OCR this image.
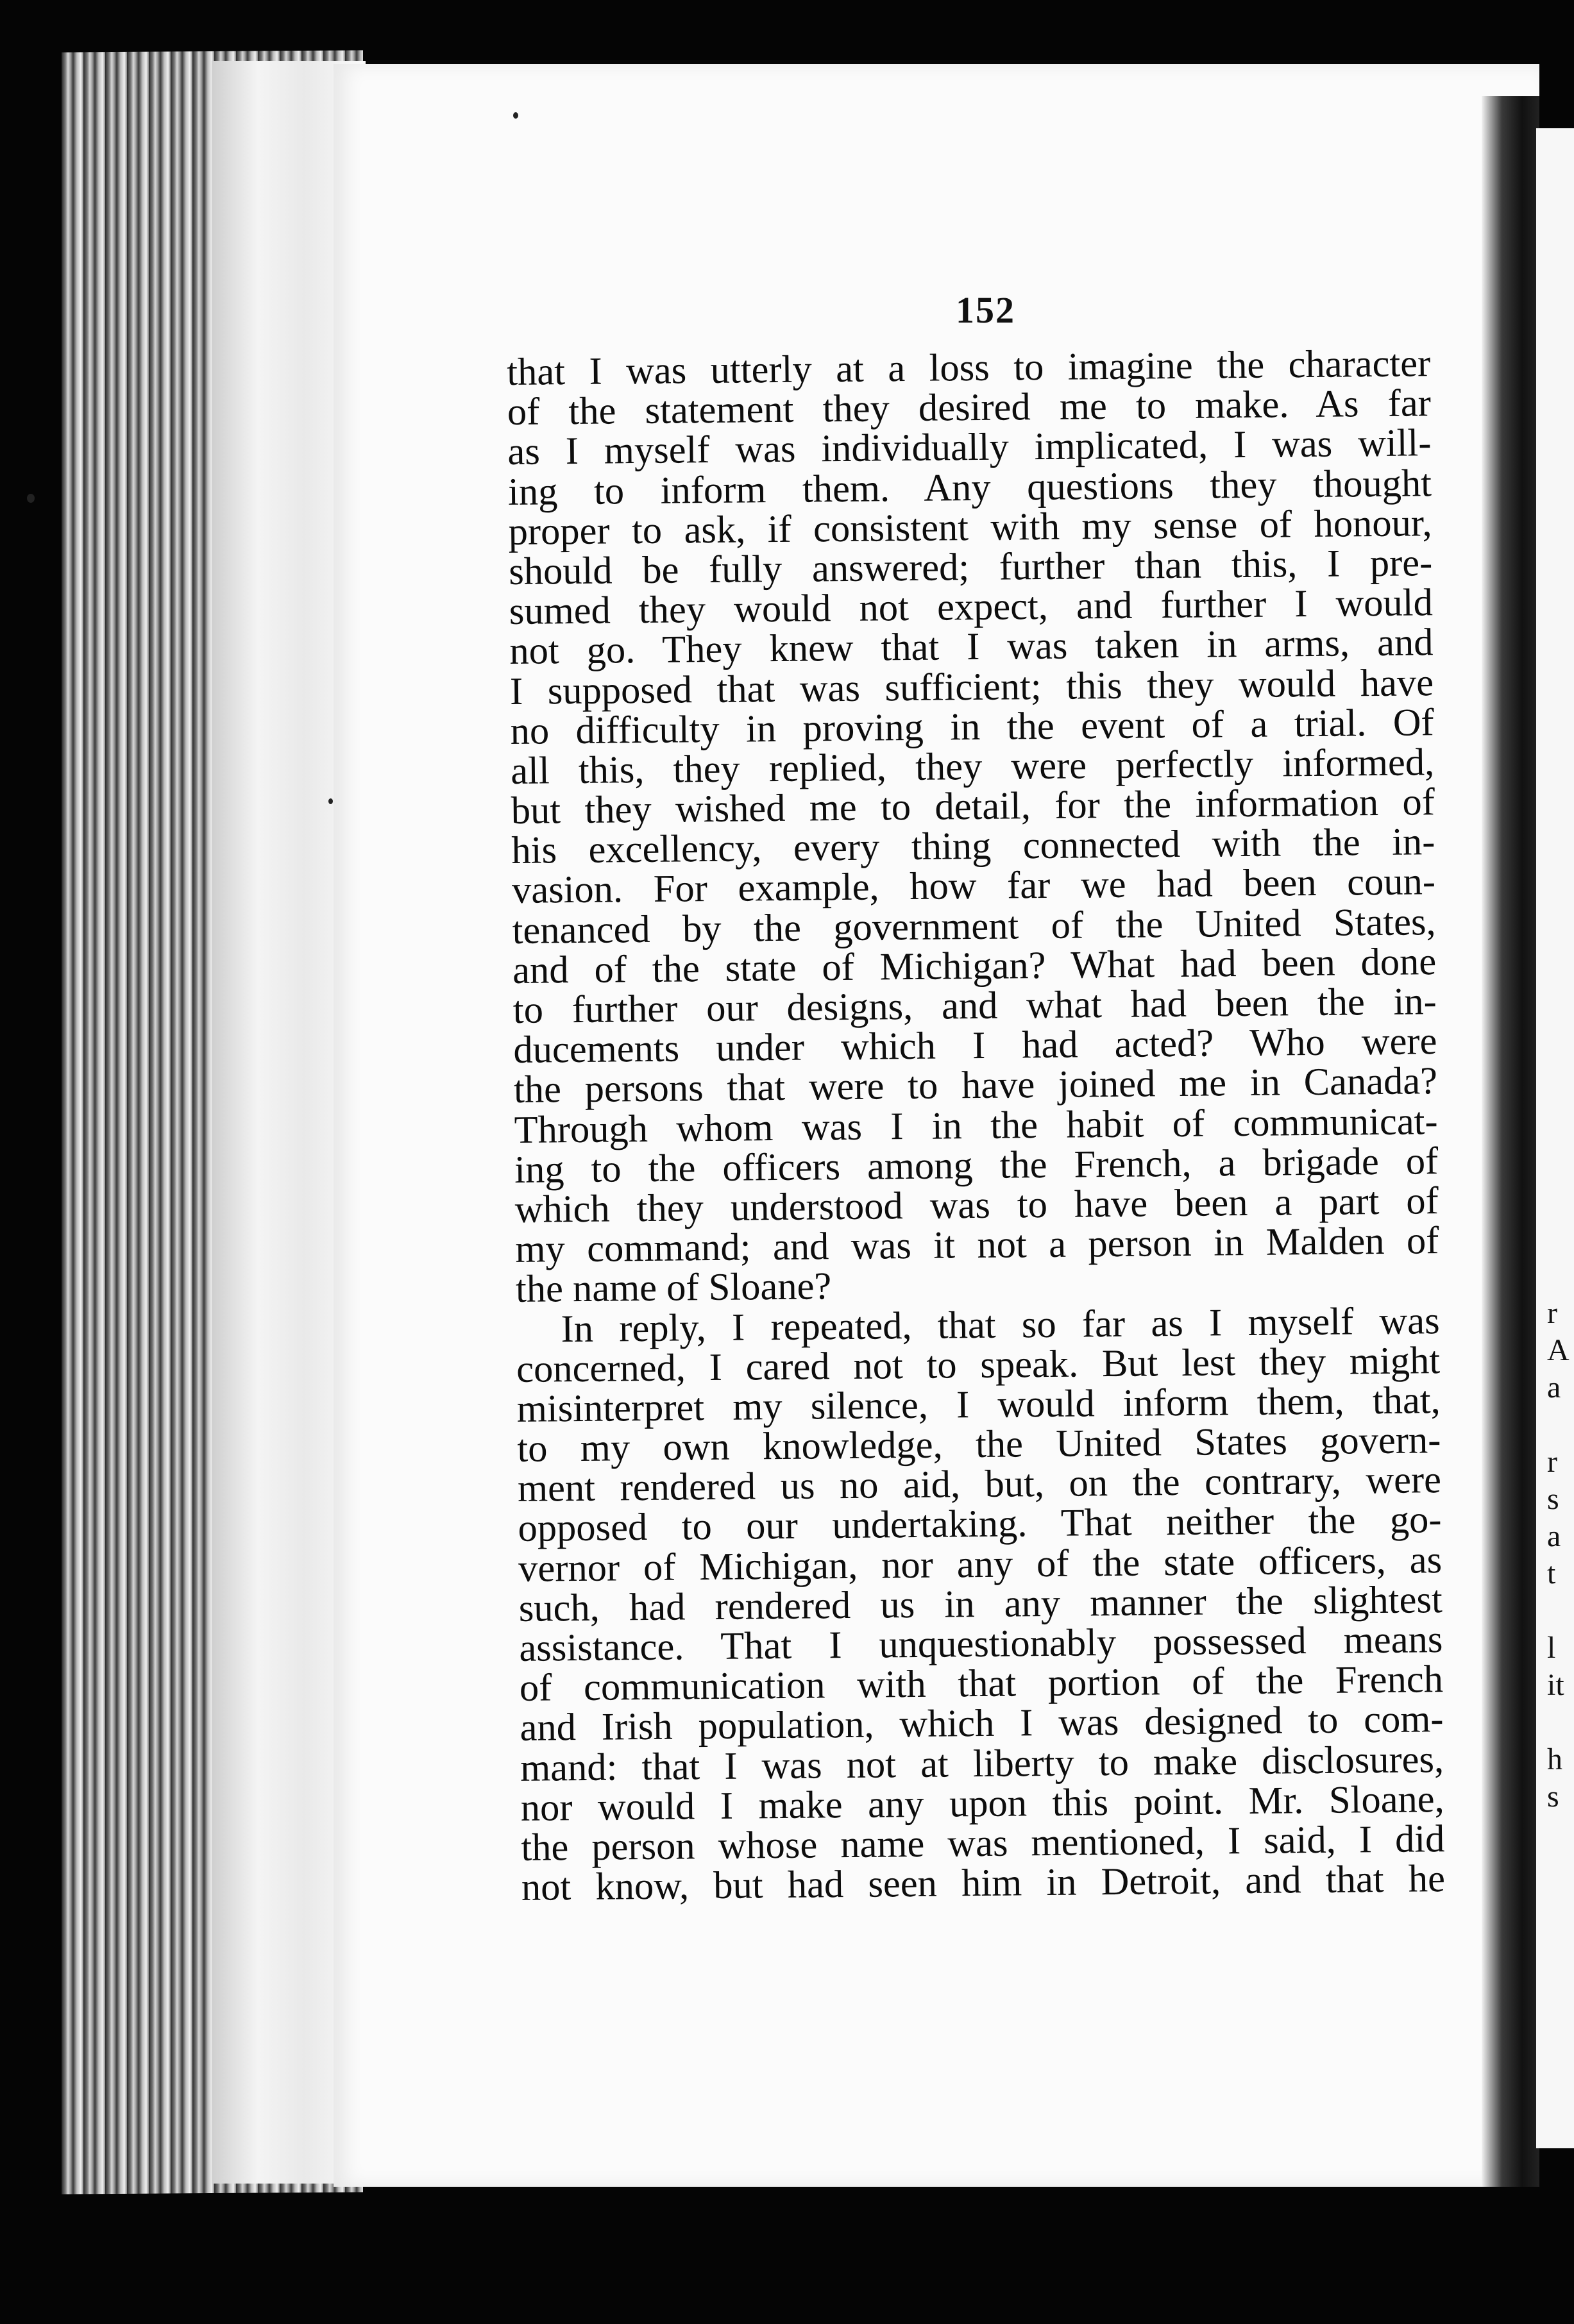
r
A
a
r
s
a
t
l
it
h
s
152
that I was utterly at a loss to imagine the character
of the statement they desired me to make. As far
as I myself was individually implicated, I was will-
ing to inform them. Any questions they thought
proper to ask, if consistent with my sense of honour,
should be fully answered; further than this, I pre-
sumed they would not expect, and further I would
not go. They knew that I was taken in arms, and
I supposed that was sufficient; this they would have
no difficulty in proving in the event of a trial. Of
all this, they replied, they were perfectly informed,
but they wished me to detail, for the information of
his excellency, every thing connected with the in-
vasion. For example, how far we had been coun-
tenanced by the government of the United States,
and of the state of Michigan? What had been done
to further our designs, and what had been the in-
ducements under which I had acted? Who were
the persons that were to have joined me in Canada?
Through whom was I in the habit of communicat-
ing to the officers among the French, a brigade of
which they understood was to have been a part of
my command; and was it not a person in Malden of
the name of Sloane?
In reply, I repeated, that so far as I myself was
concerned, I cared not to speak. But lest they might
misinterpret my silence, I would inform them, that,
to my own knowledge, the United States govern-
ment rendered us no aid, but, on the contrary, were
opposed to our undertaking. That neither the go-
vernor of Michigan, nor any of the state officers, as
such, had rendered us in any manner the slightest
assistance. That I unquestionably possessed means
of communication with that portion of the French
and Irish population, which I was designed to com-
mand: that I was not at liberty to make disclosures,
nor would I make any upon this point. Mr. Sloane,
the person whose name was mentioned, I said, I did
not know, but had seen him in Detroit, and that he
